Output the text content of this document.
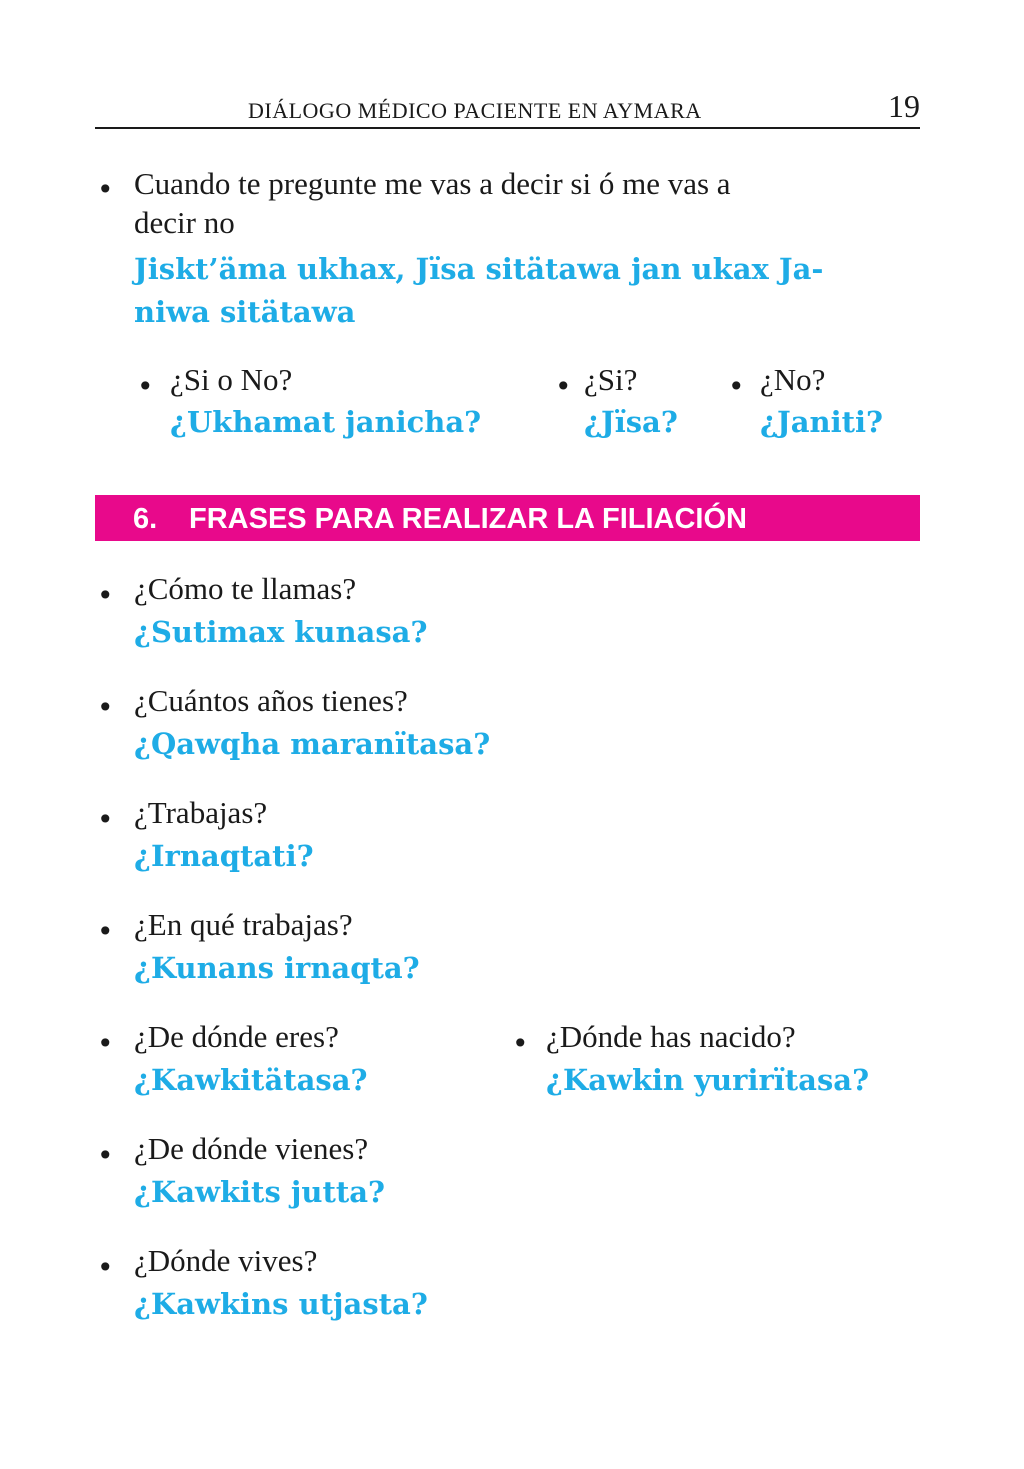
DIÁLOGO MÉDICO PACIENTE EN AYMARA	19
• Cuando te pregunte me vas a decir si ó me vas a
decir no
Jiskt’äma ukhax, Jïsa sitätawa jan ukax Ja-
niwa sitätawa
• ¿Si o No?
¿Ukhamat janicha?
• ¿Si?
¿Jïsa?
• ¿No?
¿Janiti?
6. FRASES PARA REALIZAR LA FILIACIÓN
• ¿Cómo te llamas?
¿Sutimax kunasa?
• ¿Cuántos años tienes?
¿Qawqha maranïtasa?
• ¿Trabajas?
¿Irnaqtati?
• ¿En qué trabajas?
¿Kunans irnaqta?
• ¿De dónde eres?
¿Kawkitätasa?
• ¿Dónde has nacido?
¿Kawkin yurirïtasa?
• ¿De dónde vienes?
¿Kawkits jutta?
• ¿Dónde vives?
¿Kawkins utjasta?
